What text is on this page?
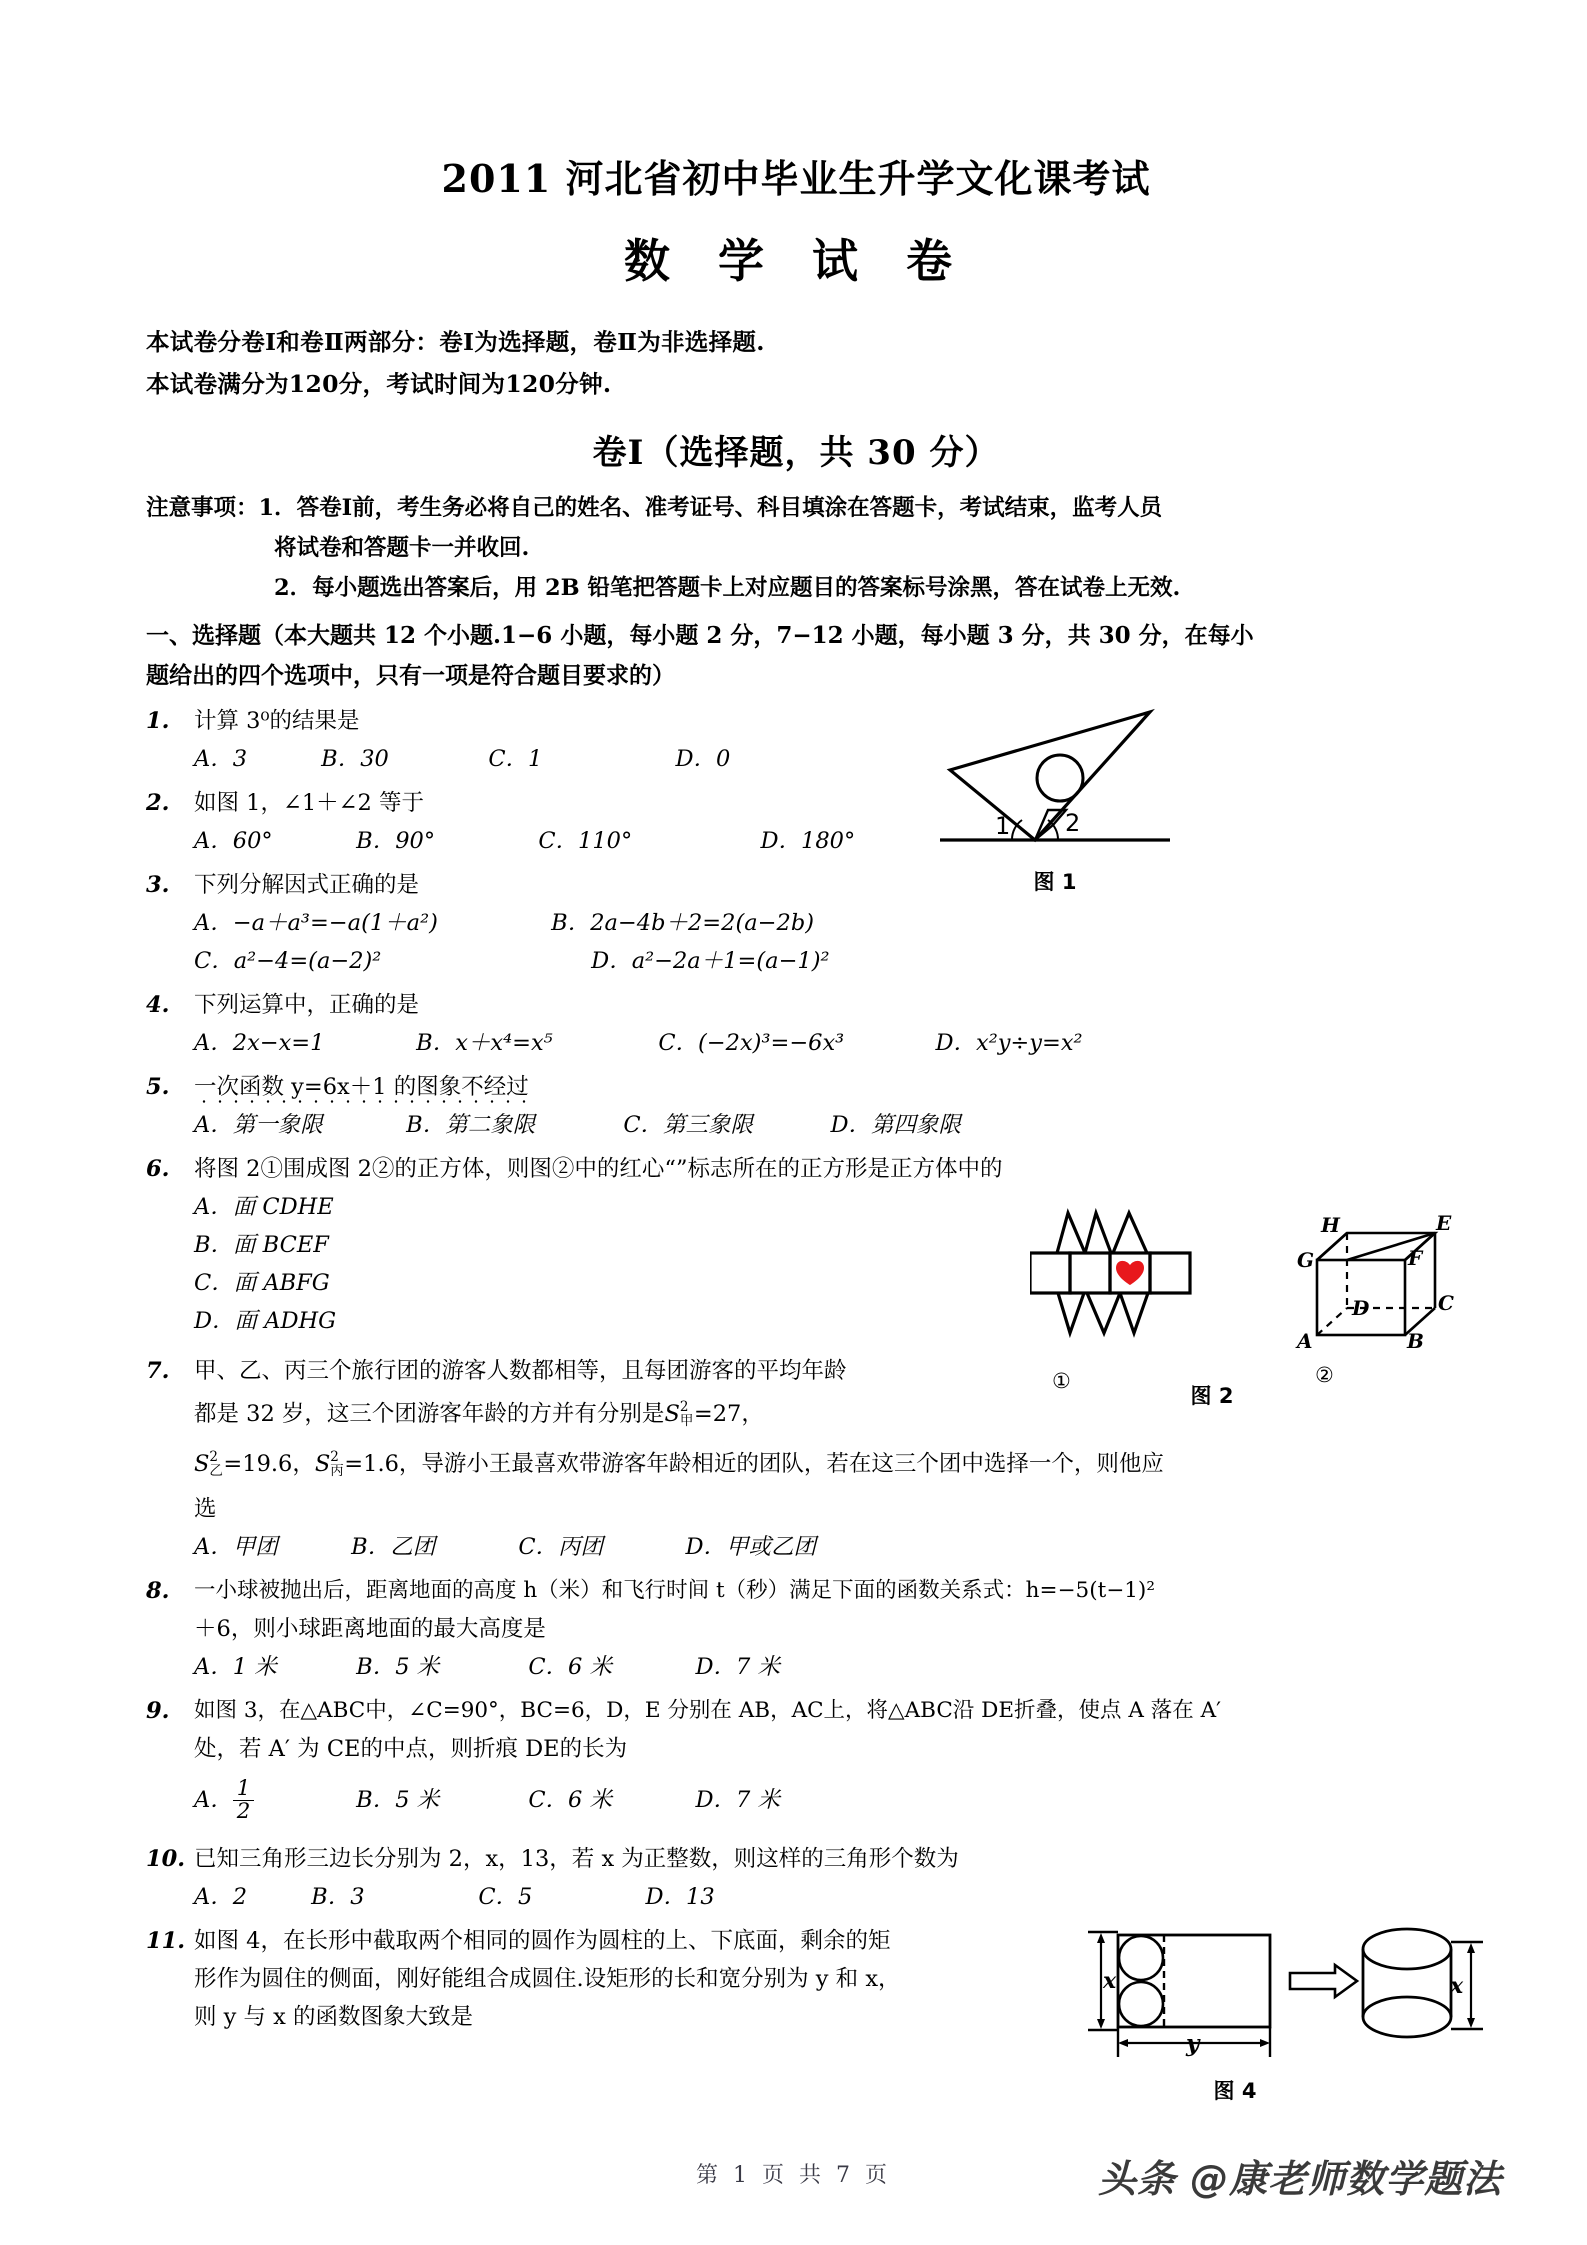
2011 河北省初中毕业生升学文化课考试
数 学 试 卷
本试卷分卷Ⅰ和卷Ⅱ两部分：卷Ⅰ为选择题，卷Ⅱ为非选择题.
本试卷满分为120分，考试时间为120分钟.
卷Ⅰ（选择题，共 30 分）
注意事项：1．答卷Ⅰ前，考生务必将自己的姓名、准考证号、科目填涂在答题卡，考试结束，监考人员
将试卷和答题卡一并收回.
2．每小题选出答案后，用 2B 铅笔把答题卡上对应题目的答案标号涂黑，答在试卷上无效.
一、选择题（本大题共 12 个小题.1−6 小题，每小题 2 分，7−12 小题，每小题 3 分，共 30 分，在每小
题给出的四个选项中，只有一项是符合题目要求的）
1.	计算 3⁰的结果是
A．3	B．30	C．1	D．0
2.	如图 1，∠1＋∠2 等于
A．60°	B．90°	C．110°	D．180°
3.	下列分解因式正确的是
A．−a＋a³=−a(1＋a²)	B．2a−4b＋2=2(a−2b)
C．a²−4=(a−2)²	D．a²−2a＋1=(a−1)²
4.	下列运算中，正确的是
A．2x−x=1	B．x＋x⁴=x⁵	C．(−2x)³=−6x³	D．x²y÷y=x²
5.	一次函数 y=6x＋1 的图象不经过
A．第一象限	B．第二象限	C．第三象限	D．第四象限
6.	将图 2①围成图 2②的正方体，则图②中的红心“”标志所在的正方形是正方体中的
A．面 CDHE
B．面 BCEF
C．面 ABFG
D．面 ADHG
7.	甲、乙、丙三个旅行团的游客人数都相等，且每团游客的平均年龄
都是 32 岁，这三个团游客年龄的方并有分别是S 2
甲 =27，
S 2
乙 =19.6，S 2
丙 =1.6，导游小王最喜欢带游客年龄相近的团队，若在这三个团中选择一个，则他应
选
A．甲团	B．乙团	C．丙团	D．甲或乙团
8.	一小球被抛出后，距离地面的高度 h（米）和飞行时间 t（秒）满足下面的函数关系式：h=−5(t−1)²
＋6，则小球距离地面的最大高度是
A．1 米	B．5 米	C．6 米	D．7 米
9.	如图 3，在△ABC中，∠C=90°，BC=6，D，E 分别在 AB，AC上，将△ABC沿 DE折叠，使点 A 落在 A′
处，若 A′ 为 CE的中点，则折痕 DE的长为
A． $\frac{1}{2}$	B．5 米	C．6 米	D．7 米
10. 已知三角形三边长分别为 2，x，13，若 x 为正整数，则这样的三角形个数为
A．2	B．3	C．5	D．13
11. 如图 4，在长形中截取两个相同的圆作为圆柱的上、下底面，剩余的矩
形作为圆住的侧面，刚好能组合成圆住.设矩形的长和宽分别为 y 和 x，
则 y 与 x 的函数图象大致是
1 2
图 1
①
图 2
H	E
G	F
D	C
A	B
②
x
y
x
图 4
第 1 页 共 7 页	头条 @康老师数学题法
